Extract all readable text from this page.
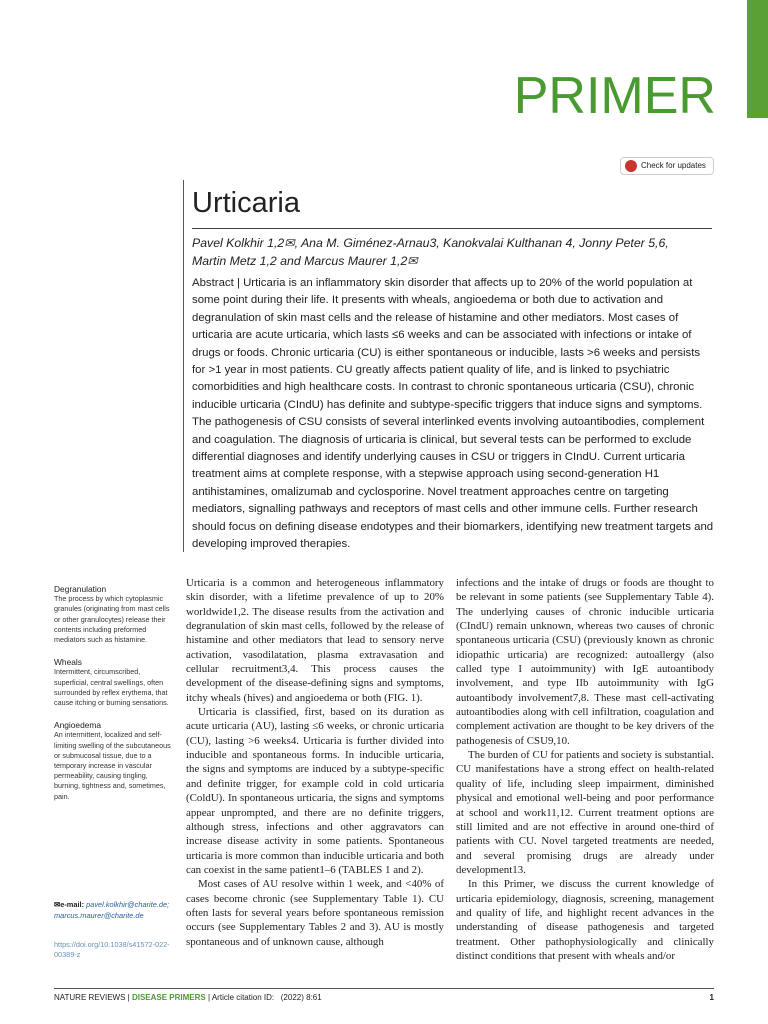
PRIMER
Check for updates
Urticaria
Pavel Kolkhir 1,2✉, Ana M. Giménez-Arnau3, Kanokvalai Kulthanan 4, Jonny Peter 5,6,
Martin Metz 1,2 and Marcus Maurer 1,2✉
Abstract | Urticaria is an inflammatory skin disorder that affects up to 20% of the world population at some point during their life. It presents with wheals, angioedema or both due to activation and degranulation of skin mast cells and the release of histamine and other mediators. Most cases of urticaria are acute urticaria, which lasts ≤6 weeks and can be associated with infections or intake of drugs or foods. Chronic urticaria (CU) is either spontaneous or inducible, lasts >6 weeks and persists for >1 year in most patients. CU greatly affects patient quality of life, and is linked to psychiatric comorbidities and high healthcare costs. In contrast to chronic spontaneous urticaria (CSU), chronic inducible urticaria (CIndU) has definite and subtype-specific triggers that induce signs and symptoms. The pathogenesis of CSU consists of several interlinked events involving autoantibodies, complement and coagulation. The diagnosis of urticaria is clinical, but several tests can be performed to exclude differential diagnoses and identify underlying causes in CSU or triggers in CIndU. Current urticaria treatment aims at complete response, with a stepwise approach using second-generation H1 antihistamines, omalizumab and cyclosporine. Novel treatment approaches centre on targeting mediators, signalling pathways and receptors of mast cells and other immune cells. Further research should focus on defining disease endotypes and their biomarkers, identifying new treatment targets and developing improved therapies.
Degranulation
The process by which cytoplasmic granules (originating from mast cells or other granulocytes) release their contents including preformed mediators such as histamine.
Wheals
Intermittent, circumscribed, superficial, central swellings, often surrounded by reflex erythema, that cause itching or burning sensations.
Angioedema
An intermittent, localized and self-limiting swelling of the subcutaneous or submucosal tissue, due to a temporary increase in vascular permeability, causing tingling, burning, tightness and, sometimes, pain.
✉e-mail: pavel.kolkhir@charite.de; marcus.maurer@charite.de
https://doi.org/10.1038/s41572-022-00389-z

Urticaria is a common and heterogeneous inflammatory skin disorder, with a lifetime prevalence of up to 20% worldwide1,2. The disease results from the activation and degranulation of skin mast cells, followed by the release of histamine and other mediators that lead to sensory nerve activation, vasodilatation, plasma extravasation and cellular recruitment3,4. This process causes the development of the disease-defining signs and symptoms, itchy wheals (hives) and angioedema or both (FIG. 1).

Urticaria is classified, first, based on its duration as acute urticaria (AU), lasting ≤6 weeks, or chronic urticaria (CU), lasting >6 weeks4. Urticaria is further divided into inducible and spontaneous forms. In inducible urticaria, the signs and symptoms are induced by a subtype-specific and definite trigger, for example cold in cold urticaria (ColdU). In spontaneous urticaria, the signs and symptoms appear unprompted, and there are no definite triggers, although stress, infections and other aggravators can increase disease activity in some patients. Spontaneous urticaria is more common than inducible urticaria and both can coexist in the same patient1–6 (TABLES 1 and 2).

Most cases of AU resolve within 1 week, and <40% of cases become chronic (see Supplementary Table 1). CU often lasts for several years before spontaneous remission occurs (see Supplementary Tables 2 and 3). AU is mostly spontaneous and of unknown cause, although

infections and the intake of drugs or foods are thought to be relevant in some patients (see Supplementary Table 4). The underlying causes of chronic inducible urticaria (CIndU) remain unknown, whereas two causes of chronic spontaneous urticaria (CSU) (previously known as chronic idiopathic urticaria) are recognized: autoallergy (also called type I autoimmunity) with IgE autoantibody involvement, and type IIb autoimmunity with IgG autoantibody involvement7,8. These mast cell-activating autoantibodies along with cell infiltration, coagulation and complement activation are thought to be key drivers of the pathogenesis of CSU9,10.

The burden of CU for patients and society is substantial. CU manifestations have a strong effect on health-related quality of life, including sleep impairment, diminished physical and emotional well-being and poor performance at school and work11,12. Current treatment options are still limited and are not effective in around one-third of patients with CU. Novel targeted treatments are needed, and several promising drugs are already under development13.

In this Primer, we discuss the current knowledge of urticaria epidemiology, diagnosis, screening, management and quality of life, and highlight recent advances in the understanding of disease pathogenesis and targeted treatment. Other pathophysiologically and clinically distinct conditions that present with wheals and/or

NATURE REVIEWS | DISEASE PRIMERS | Article citation ID: (2022) 8:61	1
